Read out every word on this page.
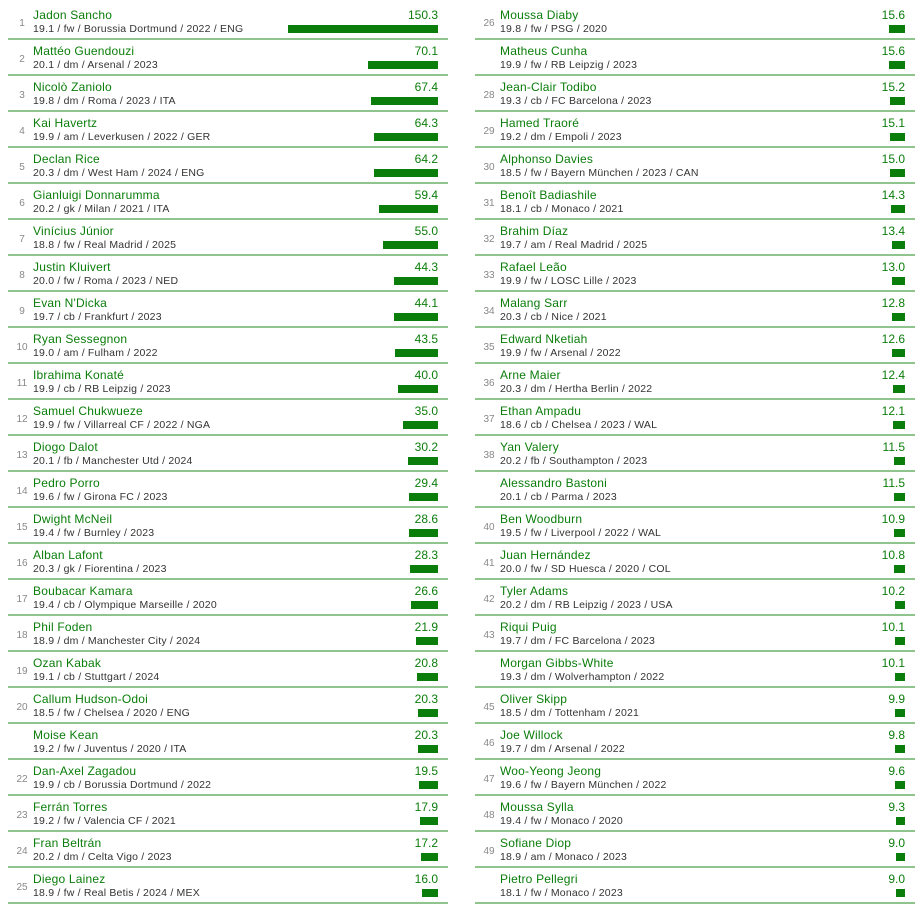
1
Jadon Sancho
19.1 / fw / Borussia Dortmund / 2022 / ENG
150.3
2
Mattéo Guendouzi
20.1 / dm / Arsenal / 2023
70.1
3
Nicolò Zaniolo
19.8 / dm / Roma / 2023 / ITA
67.4
4
Kai Havertz
19.9 / am / Leverkusen / 2022 / GER
64.3
5
Declan Rice
20.3 / dm / West Ham / 2024 / ENG
64.2
6
Gianluigi Donnarumma
20.2 / gk / Milan / 2021 / ITA
59.4
7
Vinícius Júnior
18.8 / fw / Real Madrid / 2025
55.0
8
Justin Kluivert
20.0 / fw / Roma / 2023 / NED
44.3
9
Evan N'Dicka
19.7 / cb / Frankfurt / 2023
44.1
10
Ryan Sessegnon
19.0 / am / Fulham / 2022
43.5
11
Ibrahima Konaté
19.9 / cb / RB Leipzig / 2023
40.0
12
Samuel Chukwueze
19.9 / fw / Villarreal CF / 2022 / NGA
35.0
13
Diogo Dalot
20.1 / fb / Manchester Utd / 2024
30.2
14
Pedro Porro
19.6 / fw / Girona FC / 2023
29.4
15
Dwight McNeil
19.4 / fw / Burnley / 2023
28.6
16
Alban Lafont
20.3 / gk / Fiorentina / 2023
28.3
17
Boubacar Kamara
19.4 / cb / Olympique Marseille / 2020
26.6
18
Phil Foden
18.9 / dm / Manchester City / 2024
21.9
19
Ozan Kabak
19.1 / cb / Stuttgart / 2024
20.8
20
Callum Hudson-Odoi
18.5 / fw / Chelsea / 2020 / ENG
20.3
Moise Kean
19.2 / fw / Juventus / 2020 / ITA
20.3
22
Dan-Axel Zagadou
19.9 / cb / Borussia Dortmund / 2022
19.5
23
Ferrán Torres
19.2 / fw / Valencia CF / 2021
17.9
24
Fran Beltrán
20.2 / dm / Celta Vigo / 2023
17.2
25
Diego Lainez
18.9 / fw / Real Betis / 2024 / MEX
16.0
26
Moussa Diaby
19.8 / fw / PSG / 2020
15.6
Matheus Cunha
19.9 / fw / RB Leipzig / 2023
15.6
28
Jean-Clair Todibo
19.3 / cb / FC Barcelona / 2023
15.2
29
Hamed Traoré
19.2 / dm / Empoli / 2023
15.1
30
Alphonso Davies
18.5 / fw / Bayern München / 2023 / CAN
15.0
31
Benoît Badiashile
18.1 / cb / Monaco / 2021
14.3
32
Brahim Díaz
19.7 / am / Real Madrid / 2025
13.4
33
Rafael Leão
19.9 / fw / LOSC Lille / 2023
13.0
34
Malang Sarr
20.3 / cb / Nice / 2021
12.8
35
Edward Nketiah
19.9 / fw / Arsenal / 2022
12.6
36
Arne Maier
20.3 / dm / Hertha Berlin / 2022
12.4
37
Ethan Ampadu
18.6 / cb / Chelsea / 2023 / WAL
12.1
38
Yan Valery
20.2 / fb / Southampton / 2023
11.5
Alessandro Bastoni
20.1 / cb / Parma / 2023
11.5
40
Ben Woodburn
19.5 / fw / Liverpool / 2022 / WAL
10.9
41
Juan Hernández
20.0 / fw / SD Huesca / 2020 / COL
10.8
42
Tyler Adams
20.2 / dm / RB Leipzig / 2023 / USA
10.2
43
Riqui Puig
19.7 / dm / FC Barcelona / 2023
10.1
Morgan Gibbs-White
19.3 / dm / Wolverhampton / 2022
10.1
45
Oliver Skipp
18.5 / dm / Tottenham / 2021
9.9
46
Joe Willock
19.7 / dm / Arsenal / 2022
9.8
47
Woo-Yeong Jeong
19.6 / fw / Bayern München / 2022
9.6
48
Moussa Sylla
19.4 / fw / Monaco / 2020
9.3
49
Sofiane Diop
18.9 / am / Monaco / 2023
9.0
Pietro Pellegri
18.1 / fw / Monaco / 2023
9.0
